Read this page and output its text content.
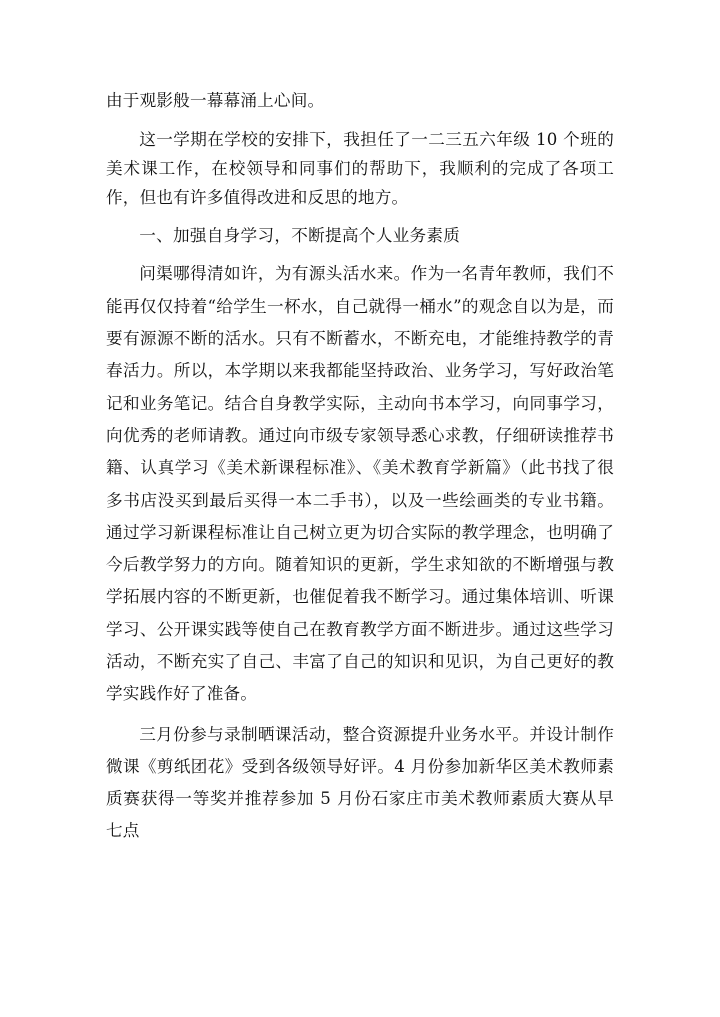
由于观影般一幕幕涌上心间。

这一学期在学校的安排下，我担任了一二三五六年级 10 个班的美术课工作，在校领导和同事们的帮助下，我顺利的完成了各项工作，但也有许多值得改进和反思的地方。

一、加强自身学习，不断提高个人业务素质

问渠哪得清如许，为有源头活水来。作为一名青年教师，我们不能再仅仅持着“给学生一杯水，自己就得一桶水”的观念自以为是，而要有源源不断的活水。只有不断蓄水，不断充电，才能维持教学的青春活力。所以，本学期以来我都能坚持政治、业务学习，写好政治笔记和业务笔记。结合自身教学实际，主动向书本学习，向同事学习，向优秀的老师请教。通过向市级专家领导悉心求教，仔细研读推荐书籍、认真学习《美术新课程标准》、《美术教育学新篇》（此书找了很多书店没买到最后买得一本二手书），以及一些绘画类的专业书籍。通过学习新课程标准让自己树立更为切合实际的教学理念，也明确了今后教学努力的方向。随着知识的更新，学生求知欲的不断增强与教学拓展内容的不断更新，也催促着我不断学习。通过集体培训、听课学习、公开课实践等使自己在教育教学方面不断进步。通过这些学习活动，不断充实了自己、丰富了自己的知识和见识，为自己更好的教学实践作好了准备。

三月份参与录制晒课活动，整合资源提升业务水平。并设计制作微课《剪纸团花》受到各级领导好评。4 月份参加新华区美术教师素质赛获得一等奖并推荐参加 5 月份石家庄市美术教师素质大赛从早七点
